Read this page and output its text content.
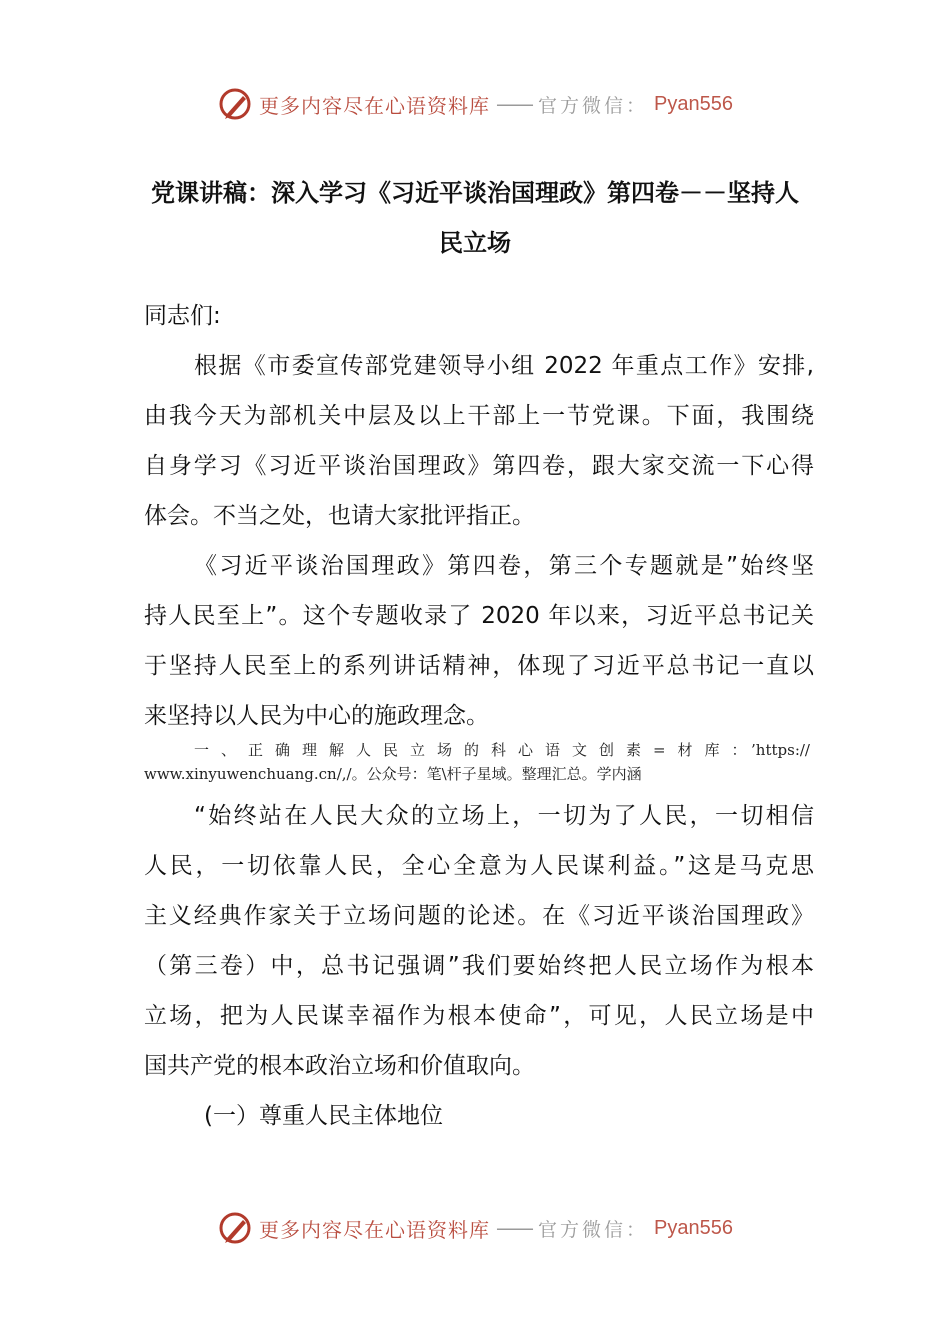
更多内容尽在心语资料库 —— 官方微信： Pyan556
党课讲稿：深入学习《习近平谈治国理政》第四卷－－坚持人
民立场

同志们:

根据《市委宣传部党建领导小组 2022 年重点工作》安排,

由我今天为部机关中层及以上干部上一节党课。下面，我围绕

自身学习《习近平谈治国理政》第四卷，跟大家交流一下心得

体会。不当之处，也请大家批评指正。

《习近平谈治国理政》第四卷，第三个专题就是”始终坚

持人民至上”。这个专题收录了 2020 年以来，习近平总书记关

于坚持人民至上的系列讲话精神，体现了习近平总书记一直以

来坚持以人民为中心的施政理念。

一、正确理解人民立场的科心语文创素=材库：’https://

www.xinyuwenchuang.cn/,/。公众号：笔\杆子星域。整理汇总。学内涵

“始终站在人民大众的立场上，一切为了人民，一切相信

人民，一切依靠人民，全心全意为人民谋利益。”这是马克思

主义经典作家关于立场问题的论述。在《习近平谈治国理政》

（第三卷）中，总书记强调”我们要始终把人民立场作为根本

立场，把为人民谋幸福作为根本使命”，可见，人民立场是中

国共产党的根本政治立场和价值取向。

(一）尊重人民主体地位

更多内容尽在心语资料库 —— 官方微信： Pyan556
